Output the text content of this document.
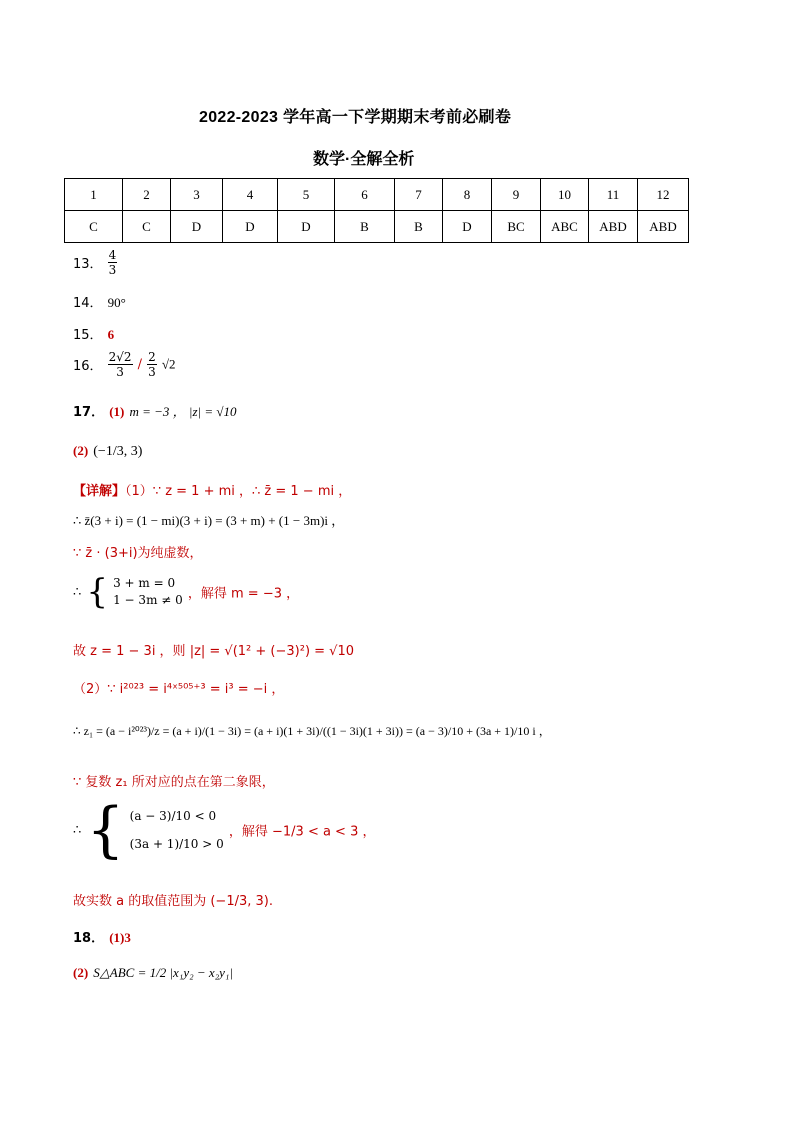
2022-2023 学年高一下学期期末考前必刷卷
数学·全解全析
1	2	3	4	5	6	7	8	9	10	11	12
C	C	D	D	D	B	B	D	BC	ABC	ABD	ABD
13． $\frac{4}{3}$
14． 90°
15． 6
16． $\frac{2√2}{3} / \frac{2}{3} √2$
17． (1) m = −3 ， |z| = √10
(2) (−1/3, 3)
【详解】（1）∵ z = 1 + mi ，∴ z̄ = 1 − mi ，
∴ z̄(3 + i) = (1 − mi)(3 + i) = (3 + m) + (1 − 3m)i ，
∵ z̄ · (3+i)为纯虚数，
∴ { 3 + m = 0
1 − 3m ≠ 0 ，解得 m = −3 ，
故 z = 1 − 3i ，则 |z| = √(1² + (−3)²) = √10
（2）∵ i²⁰²³ = i⁴ˣ⁵⁰⁵⁺³ = i³ = −i ，
∴ z₁ = (a − i²⁰²³)/z = (a + i)/(1 − 3i) = (a + i)(1 + 3i)/((1 − 3i)(1 + 3i)) = (a − 3)/10 + (3a + 1)/10 i ，
∵ 复数 z₁ 所对应的点在第二象限，
∴ { (a − 3)/10 < 0
(3a + 1)/10 > 0
，解得 −1/3 < a < 3 ，
故实数 a 的取值范围为 (−1/3, 3).
18． (1)3
(2) S△ABC = 1/2 |x₁y₂ − x₂y₁|
